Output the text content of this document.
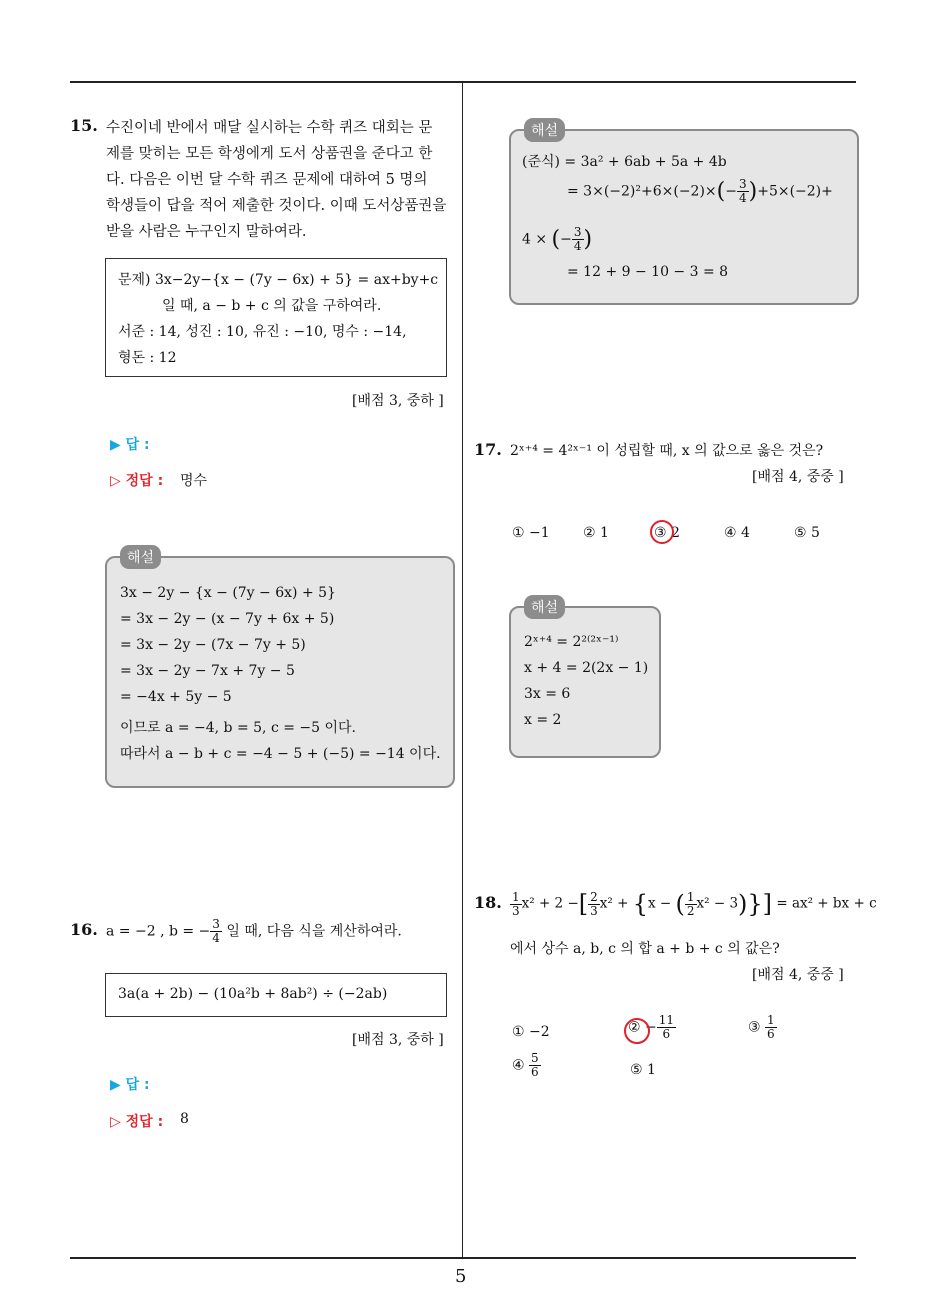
5
15. 수진이네 반에서 매달 실시하는 수학 퀴즈 대회는 문
제를 맞히는 모든 학생에게 도서 상품권을 준다고 한
다. 다음은 이번 달 수학 퀴즈 문제에 대하여 5 명의
학생들이 답을 적어 제출한 것이다. 이때 도서상품권을
받을 사람은 누구인지 말하여라.
문제) 3x−2y−{x − (7y − 6x) + 5} = ax+by+c
일 때, a − b + c 의 값을 구하여라.
서준 : 14, 성진 : 10, 유진 : −10, 명수 : −14,
형돈 : 12
[배점 3, 중하 ]
▶ 답 :
▷ 정답 : 명수
해설
3x − 2y − {x − (7y − 6x) + 5}
= 3x − 2y − (x − 7y + 6x + 5)
= 3x − 2y − (7x − 7y + 5)
= 3x − 2y − 7x + 7y − 5
= −4x + 5y − 5
이므로 a = −4, b = 5, c = −5 이다.
따라서 a − b + c = −4 − 5 + (−5) = −14 이다.
16. a = −2 , b = − $\frac{3}{4}$ 일 때, 다음 식을 계산하여라.
3a(a + 2b) − (10a²b + 8ab²) ÷ (−2ab)
[배점 3, 중하 ]
▶ 답 :
▷ 정답 : 8
해설
(준식) = 3a² + 6ab + 5a + 4b
= $3\times(-2)^2+6\times(-2)\times(- \frac{3}{4} )+5\times(-2)+$
4 × (− $\frac{3}{4}$ )
= 12 + 9 − 10 − 3 = 8
17. 2ˣ⁺⁴ = 4²ˣ⁻¹ 이 성립할 때, x 의 값으로 옳은 것은?
[배점 4, 중중 ]
① −1 ② 1	③ 2	④ 4	⑤ 5
해설
2ˣ⁺⁴ = 2²⁽²ˣ⁻¹⁾
x + 4 = 2(2x − 1)
3x = 6
x = 2
18. $\frac{1}{3} x^2 + 2$ −[ $\frac{2}{3} x^2 + \{x$ − ( $\frac{1}{2} x^2 - 3)\}] = ax^2$ + bx + c
에서 상수 a, b, c 의 합 a + b + c 의 값은?
[배점 4, 중중 ]
① −2	② − $\frac{11}{6}$	③ $\frac{1}{6}$
④ $\frac{5}{6}$	⑤ 1
